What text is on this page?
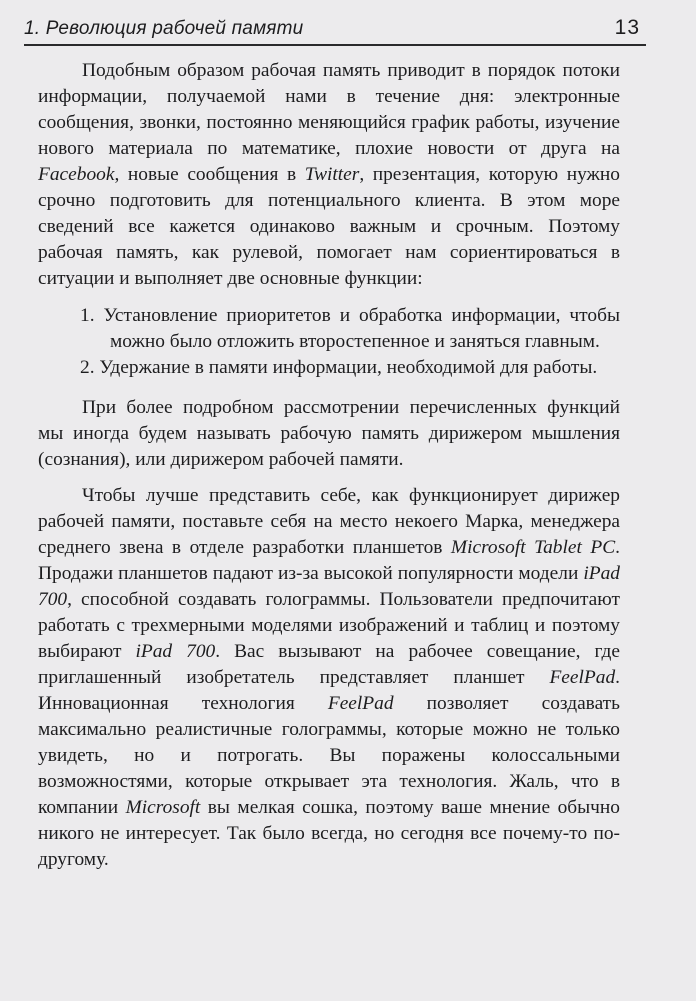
1. Революция рабочей памяти	13

Подобным образом рабочая память приводит в порядок потоки информации, получаемой нами в течение дня: электронные сообщения, звонки, постоянно меняющийся график работы, изучение нового материала по математике, плохие новости от друга на Facebook, новые сообщения в Twitter, презентация, которую нужно срочно подготовить для потенциального клиента. В этом море сведений все кажется одинаково важным и срочным. Поэтому рабочая память, как рулевой, помогает нам сориентироваться в ситуации и выполняет две основные функции:

1. Установление приоритетов и обработка информации, чтобы можно было отложить второстепенное и заняться главным.
2. Удержание в памяти информации, необходимой для работы.

При более подробном рассмотрении перечисленных функций мы иногда будем называть рабочую память дирижером мышления (сознания), или дирижером рабочей памяти.

Чтобы лучше представить себе, как функционирует дирижер рабочей памяти, поставьте себя на место некоего Марка, менеджера среднего звена в отделе разработки планшетов Microsoft Tablet PC. Продажи планшетов падают из-за высокой популярности модели iPad 700, способной создавать голограммы. Пользователи предпочитают работать с трехмерными моделями изображений и таблиц и поэтому выбирают iPad 700. Вас вызывают на рабочее совещание, где приглашенный изобретатель представляет планшет FeelPad. Инновационная технология FeelPad позволяет создавать максимально реалистичные голограммы, которые можно не только увидеть, но и потрогать. Вы поражены колоссальными возможностями, которые открывает эта технология. Жаль, что в компании Microsoft вы мелкая сошка, поэтому ваше мнение обычно никого не интересует. Так было всегда, но сегодня все почему-то по-другому.
